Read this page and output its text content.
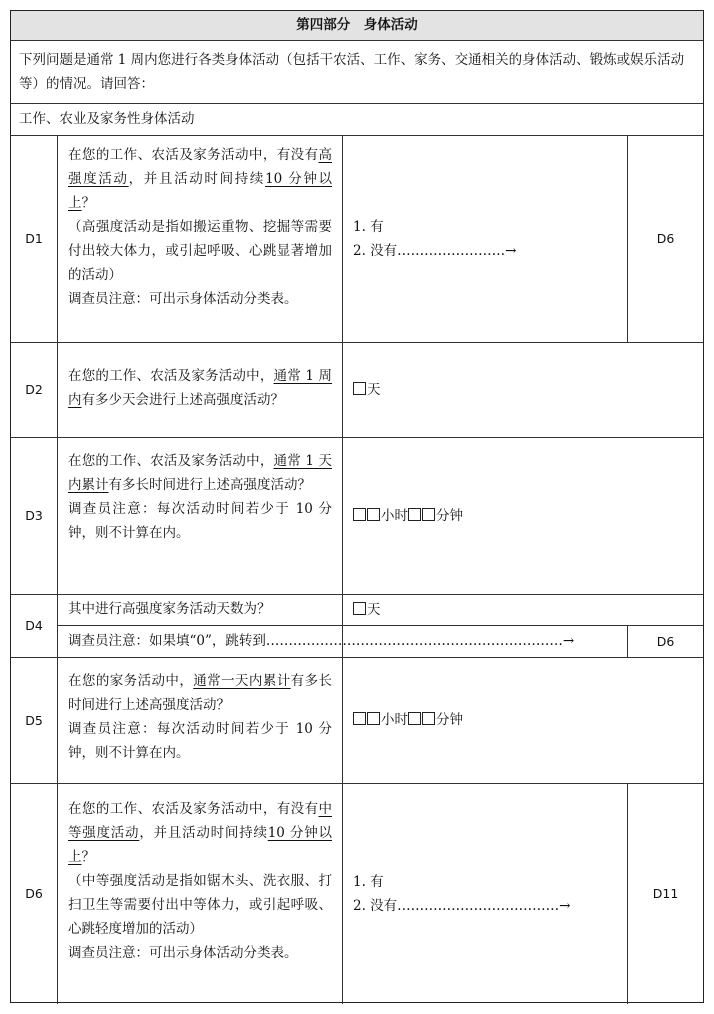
第四部分　身体活动
下列问题是通常 1 周内您进行各类身体活动（包括干农活、工作、家务、交通相关的身体活动、锻炼或娱乐活动等）的情况。请回答：
工作、农业及家务性身体活动
D1
在您的工作、农活及家务活动中，有没有高强度活动，并且活动时间持续10 分钟以上？
（高强度活动是指如搬运重物、挖掘等需要付出较大体力，或引起呼吸、心跳显著增加的活动）
调查员注意：可出示身体活动分类表。
1. 有
2. 没有……………………→
D6
D2
在您的工作、农活及家务活动中，通常 1 周内有多少天会进行上述高强度活动？
天
D3
在您的工作、农活及家务活动中，通常 1 天内累计有多长时间进行上述高强度活动？
调查员注意：每次活动时间若少于 10 分钟，则不计算在内。
小时 分钟
D4
其中进行高强度家务活动天数为？	天
调查员注意：如果填“0”，跳转到…………………………………………………………→	D6
D5
在您的家务活动中，通常一天内累计有多长时间进行上述高强度活动？
调查员注意：每次活动时间若少于 10 分钟，则不计算在内。
小时 分钟
D6
在您的工作、农活及家务活动中，有没有中等强度活动，并且活动时间持续10 分钟以上？
（中等强度活动是指如锯木头、洗衣服、打扫卫生等需要付出中等体力，或引起呼吸、心跳轻度增加的活动）
调查员注意：可出示身体活动分类表。
1. 有
2. 没有………………………………→
D11
